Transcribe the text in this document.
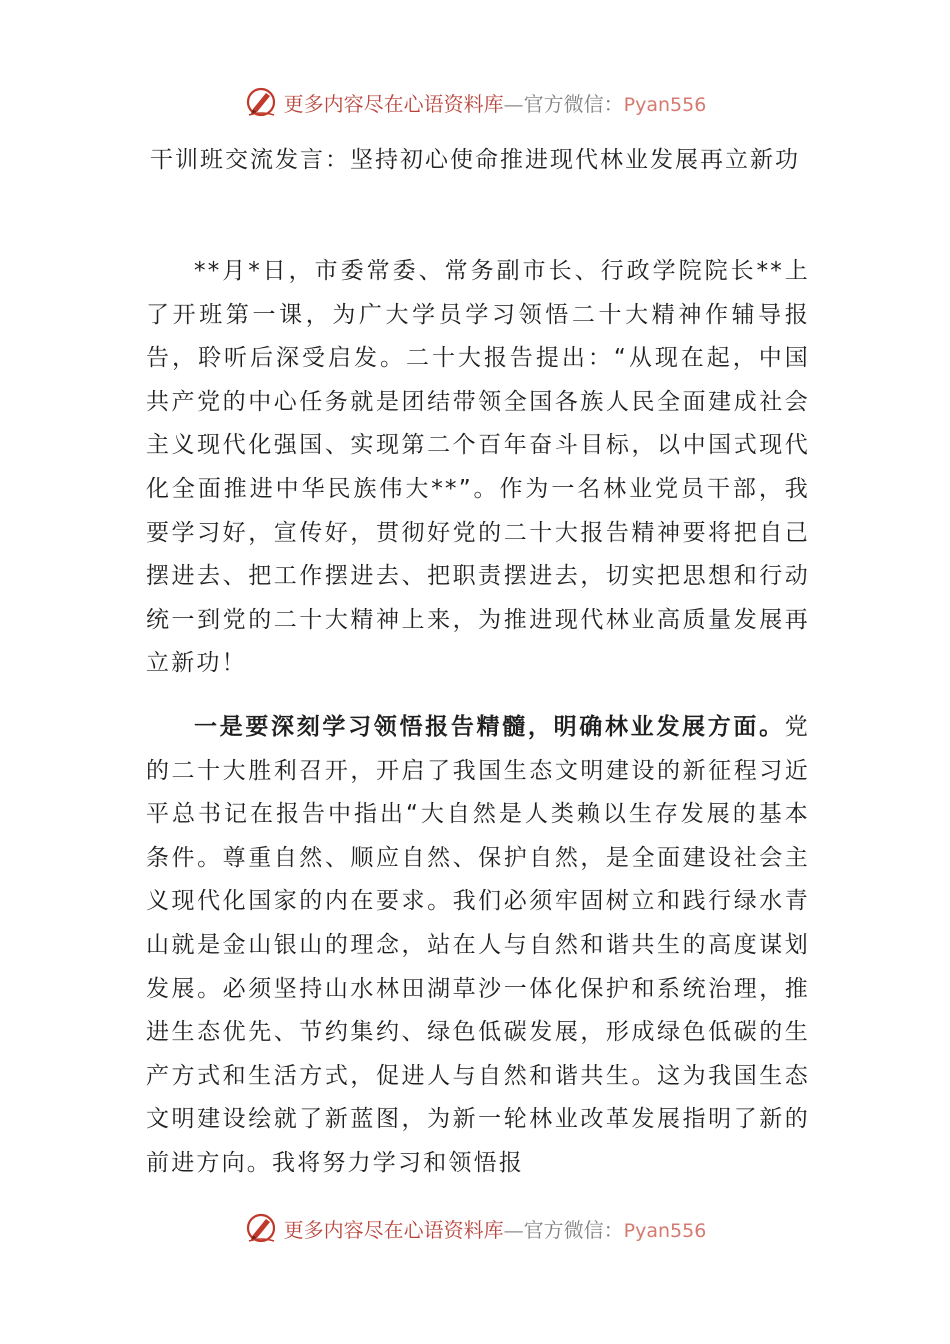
更多内容尽在心语资料库—官方微信：Pyan556
干训班交流发言：坚持初心使命推进现代林业发展再立新功

**月*日，市委常委、常务副市长、行政学院院长**上了开班第一课，为广大学员学习领悟二十大精神作辅导报告，聆听后深受启发。二十大报告提出：“从现在起，中国共产党的中心任务就是团结带领全国各族人民全面建成社会主义现代化强国、实现第二个百年奋斗目标，以中国式现代化全面推进中华民族伟大**”。作为一名林业党员干部，我要学习好，宣传好，贯彻好党的二十大报告精神要将把自己摆进去、把工作摆进去、把职责摆进去，切实把思想和行动统一到党的二十大精神上来，为推进现代林业高质量发展再立新功！

一是要深刻学习领悟报告精髓，明确林业发展方面。党的二十大胜利召开，开启了我国生态文明建设的新征程习近平总书记在报告中指出“大自然是人类赖以生存发展的基本条件。尊重自然、顺应自然、保护自然，是全面建设社会主义现代化国家的内在要求。我们必须牢固树立和践行绿水青山就是金山银山的理念，站在人与自然和谐共生的高度谋划发展。必须坚持山水林田湖草沙一体化保护和系统治理，推进生态优先、节约集约、绿色低碳发展，形成绿色低碳的生产方式和生活方式，促进人与自然和谐共生。这为我国生态文明建设绘就了新蓝图，为新一轮林业改革发展指明了新的前进方向。我将努力学习和领悟报

更多内容尽在心语资料库—官方微信：Pyan556
